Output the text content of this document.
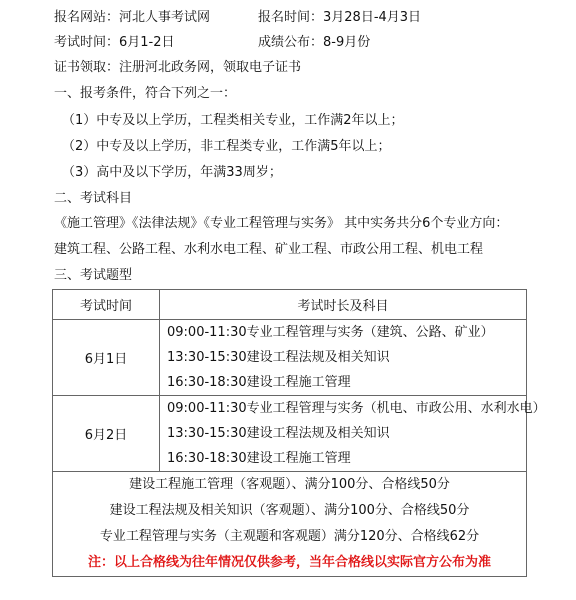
报名网站：河北人事考试网	报名时间：3月28日-4月3日
考试时间：6月1-2日	成绩公布：8-9月份
证书领取：注册河北政务网，领取电子证书
一、报考条件，符合下列之一：
（1）中专及以上学历，工程类相关专业，工作满2年以上；
（2）中专及以上学历，非工程类专业，工作满5年以上；
（3）高中及以下学历，年满33周岁；
二、考试科目
《施工管理》《法律法规》《专业工程管理与实务》 其中实务共分6个专业方向：
建筑工程、公路工程、水利水电工程、矿业工程、市政公用工程、机电工程
三、考试题型
考试时间	考试时长及科目
6月1日	09:00-11:30专业工程管理与实务（建筑、公路、矿业）
13:30-15:30建设工程法规及相关知识
16:30-18:30建设工程施工管理

6月2日	09:00-11:30专业工程管理与实务（机电、市政公用、水利水电）
13:30-15:30建设工程法规及相关知识
16:30-18:30建设工程施工管理

建设工程施工管理（客观题）、满分100分、合格线50分
建设工程法规及相关知识（客观题）、满分100分、合格线50分
专业工程管理与实务（主观题和客观题）满分120分、合格线62分
注：以上合格线为往年情况仅供参考，当年合格线以实际官方公布为准	
